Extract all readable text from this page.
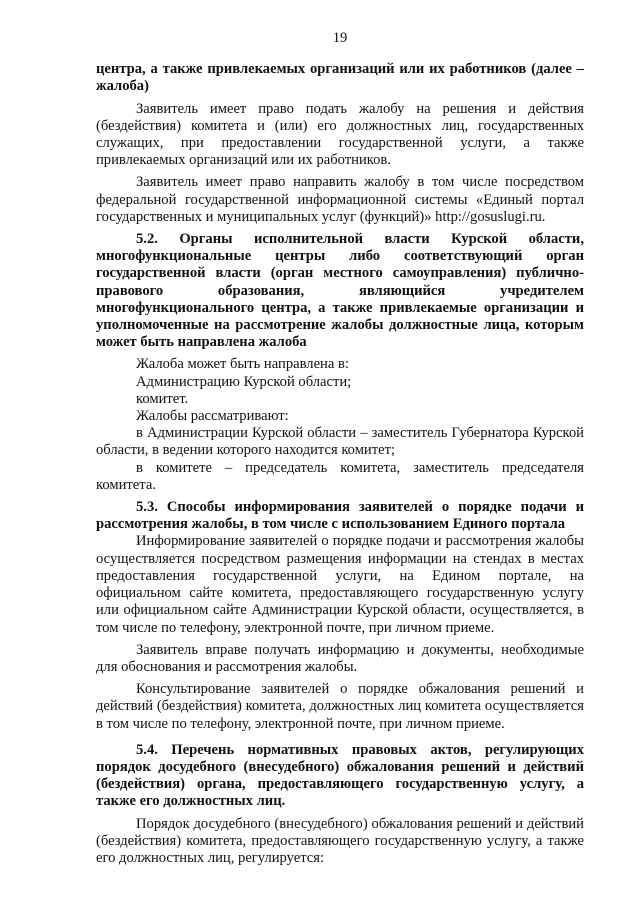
19

центра, а также привлекаемых организаций или их работников (далее – жалоба)

Заявитель имеет право подать жалобу на решения и действия (бездействия) комитета и (или) его должностных лиц, государственных служащих, при предоставлении государственной услуги, а также привлекаемых организаций или их работников.

Заявитель имеет право направить жалобу в том числе посредством федеральной государственной информационной системы «Единый портал государственных и муниципальных услуг (функций)» http://gosuslugi.ru.

5.2. Органы исполнительной власти Курской области, многофункциональные центры либо соответствующий орган государственной власти (орган местного самоуправления) публично-правового образования, являющийся учредителем многофункционального центра, а также привлекаемые организации и уполномоченные на рассмотрение жалобы должностные лица, которым может быть направлена жалоба

Жалоба может быть направлена в:

Администрацию Курской области;

комитет.

Жалобы рассматривают:

в Администрации Курской области – заместитель Губернатора Курской области, в ведении которого находится комитет;

в комитете – председатель комитета, заместитель председателя комитета.

5.3. Способы информирования заявителей о порядке подачи и рассмотрения жалобы, в том числе с использованием Единого портала

Информирование заявителей о порядке подачи и рассмотрения жалобы осуществляется посредством размещения информации на стендах в местах предоставления государственной услуги, на Едином портале, на официальном сайте комитета, предоставляющего государственную услугу или официальном сайте Администрации Курской области, осуществляется, в том числе по телефону, электронной почте, при личном приеме.

Заявитель вправе получать информацию и документы, необходимые для обоснования и рассмотрения жалобы.

Консультирование заявителей о порядке обжалования решений и действий (бездействия) комитета, должностных лиц комитета осуществляется в том числе по телефону, электронной почте, при личном приеме.

5.4. Перечень нормативных правовых актов, регулирующих порядок досудебного (внесудебного) обжалования решений и действий (бездействия) органа, предоставляющего государственную услугу, а также его должностных лиц.

Порядок досудебного (внесудебного) обжалования решений и действий (бездействия) комитета, предоставляющего государственную услугу, а также его должностных лиц, регулируется:
